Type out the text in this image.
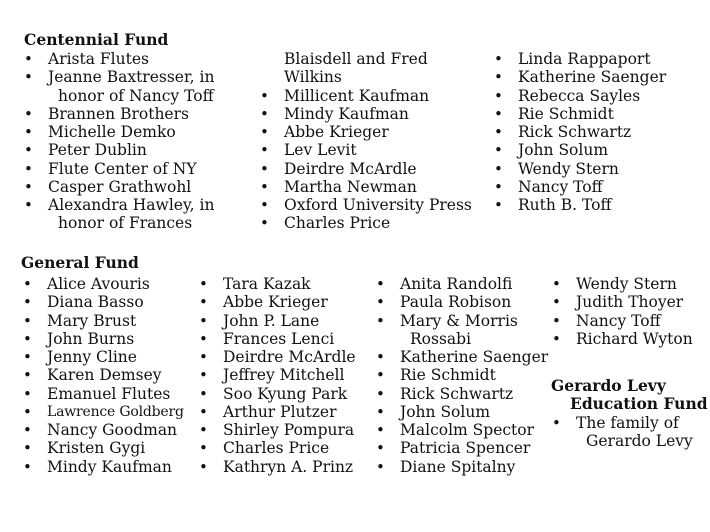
Centennial Fund
• Arista Flutes
• Jeanne Baxtresser, in
honor of Nancy Toff
• Brannen Brothers
• Michelle Demko
• Peter Dublin
• Flute Center of NY
• Casper Grathwohl
• Alexandra Hawley, in
honor of Frances
Blaisdell and Fred
Wilkins
• Millicent Kaufman
• Mindy Kaufman
• Abbe Krieger
• Lev Levit
• Deirdre McArdle
• Martha Newman
• Oxford University Press
• Charles Price
• Linda Rappaport
• Katherine Saenger
• Rebecca Sayles
• Rie Schmidt
• Rick Schwartz
• John Solum
• Wendy Stern
• Nancy Toff
• Ruth B. Toff
General Fund
• Alice Avouris
• Diana Basso
• Mary Brust
• John Burns
• Jenny Cline
• Karen Demsey
• Emanuel Flutes
• Lawrence Goldberg
• Nancy Goodman
• Kristen Gygi
• Mindy Kaufman
• Tara Kazak
• Abbe Krieger
• John P. Lane
• Frances Lenci
• Deirdre McArdle
• Jeffrey Mitchell
• Soo Kyung Park
• Arthur Plutzer
• Shirley Pompura
• Charles Price
• Kathryn A. Prinz
• Anita Randolfi
• Paula Robison
• Mary & Morris
Rossabi
• Katherine Saenger
• Rie Schmidt
• Rick Schwartz
• John Solum
• Malcolm Spector
• Patricia Spencer
• Diane Spitalny
• Wendy Stern
• Judith Thoyer
• Nancy Toff
• Richard Wyton
Gerardo Levy
Education Fund
• The family of
Gerardo Levy
